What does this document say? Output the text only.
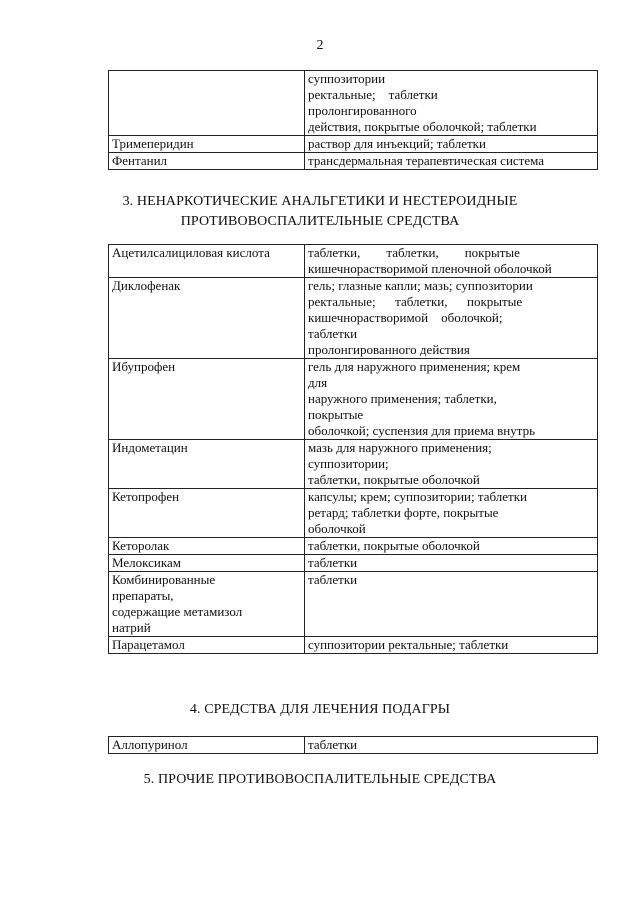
2

	суппозитории
ректальные;    таблетки
пролонгированного
действия, покрытые оболочкой; таблетки

Тримеперидин	раствор для инъекций; таблетки

Фентанил	трансдермальная терапевтическая система
3. НЕНАРКОТИЧЕСКИЕ АНАЛЬГЕТИКИ И НЕСТЕРОИДНЫЕ
ПРОТИВОВОСПАЛИТЕЛЬНЫЕ СРЕДСТВА
Ацетилсалициловая кислота	таблетки,        таблетки,        покрытые
кишечнорастворимой пленочной оболочкой

Диклофенак	гель; глазные капли; мазь; суппозитории
ректальные;      таблетки,      покрытые
кишечнорастворимой    оболочкой;
таблетки
пролонгированного действия

Ибупрофен	гель для наружного применения; крем
для
наружного применения; таблетки,
покрытые
оболочкой; суспензия для приема внутрь

Индометацин	мазь для наружного применения;
суппозитории;
таблетки, покрытые оболочкой

Кетопрофен	капсулы; крем; суппозитории; таблетки
ретард; таблетки форте, покрытые
оболочкой

Кеторолак	таблетки, покрытые оболочкой

Мелоксикам	таблетки

Комбинированные
препараты,
содержащие метамизол
натрий	таблетки

Парацетамол	суппозитории ректальные; таблетки
4. СРЕДСТВА ДЛЯ ЛЕЧЕНИЯ ПОДАГРЫ
Аллопуринол	таблетки
5. ПРОЧИЕ ПРОТИВОВОСПАЛИТЕЛЬНЫЕ СРЕДСТВА
